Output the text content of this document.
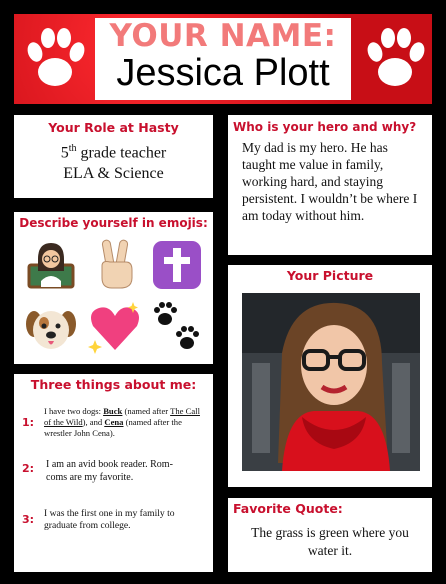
YOUR NAME:
Jessica Plott
Your Role at Hasty
5th grade teacher
ELA & Science
Who is your hero and why?
My dad is my hero. He has taught me value in family, working hard, and staying persistent. I wouldn’t be where I am today without him.
Describe yourself in emojis:
Your Picture
Three things about me:
1:
I have two dogs: Buck (named after The Call of the Wild), and Cena (named after the wrestler John Cena).
2: I am an avid book reader. Rom-coms are my favorite.
3: I was the first one in my family to graduate from college.
Favorite Quote:
The grass is green where you water it.
